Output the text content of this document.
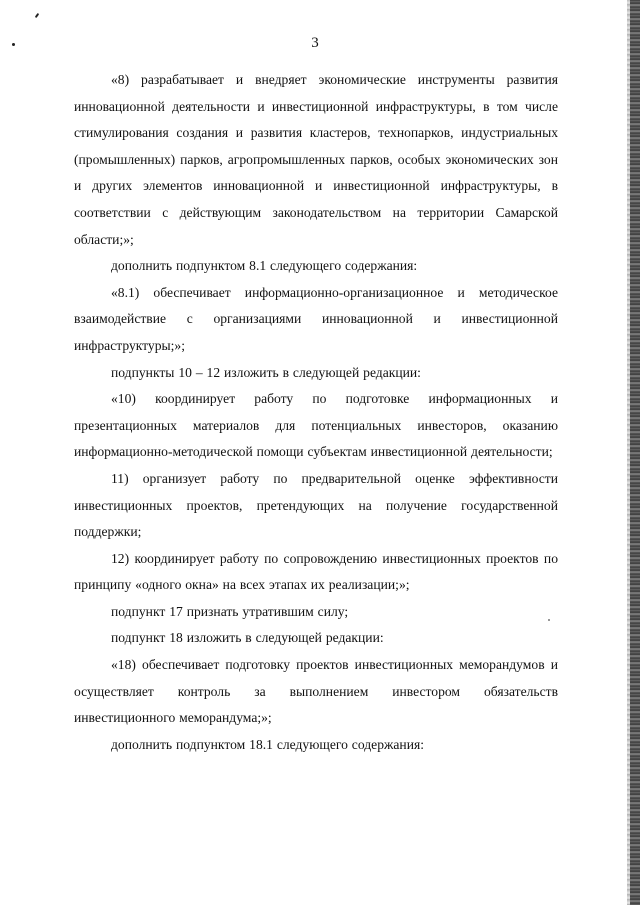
3

«8) разрабатывает и внедряет экономические инструменты развития инновационной деятельности и инвестиционной инфраструктуры, в том числе стимулирования создания и развития кластеров, технопарков, индустриальных (промышленных) парков, агропромышленных парков, особых экономических зон и других элементов инновационной и инвестиционной инфраструктуры, в соответствии с действующим законодательством на территории Самарской области;»;

дополнить подпунктом 8.1 следующего содержания:

«8.1) обеспечивает информационно-организационное и методическое взаимодействие с организациями инновационной и инвестиционной инфраструктуры;»;

подпункты 10 – 12 изложить в следующей редакции:

«10) координирует работу по подготовке информационных и презентационных материалов для потенциальных инвесторов, оказанию информационно-методической помощи субъектам инвестиционной деятельности;

11) организует работу по предварительной оценке эффективности инвестиционных проектов, претендующих на получение государственной поддержки;

12) координирует работу по сопровождению инвестиционных проектов по принципу «одного окна» на всех этапах их реализации;»;

подпункт 17 признать утратившим силу;

подпункт 18 изложить в следующей редакции:

«18) обеспечивает подготовку проектов инвестиционных меморандумов и осуществляет контроль за выполнением инвестором обязательств инвестиционного меморандума;»;

дополнить подпунктом 18.1 следующего содержания:
